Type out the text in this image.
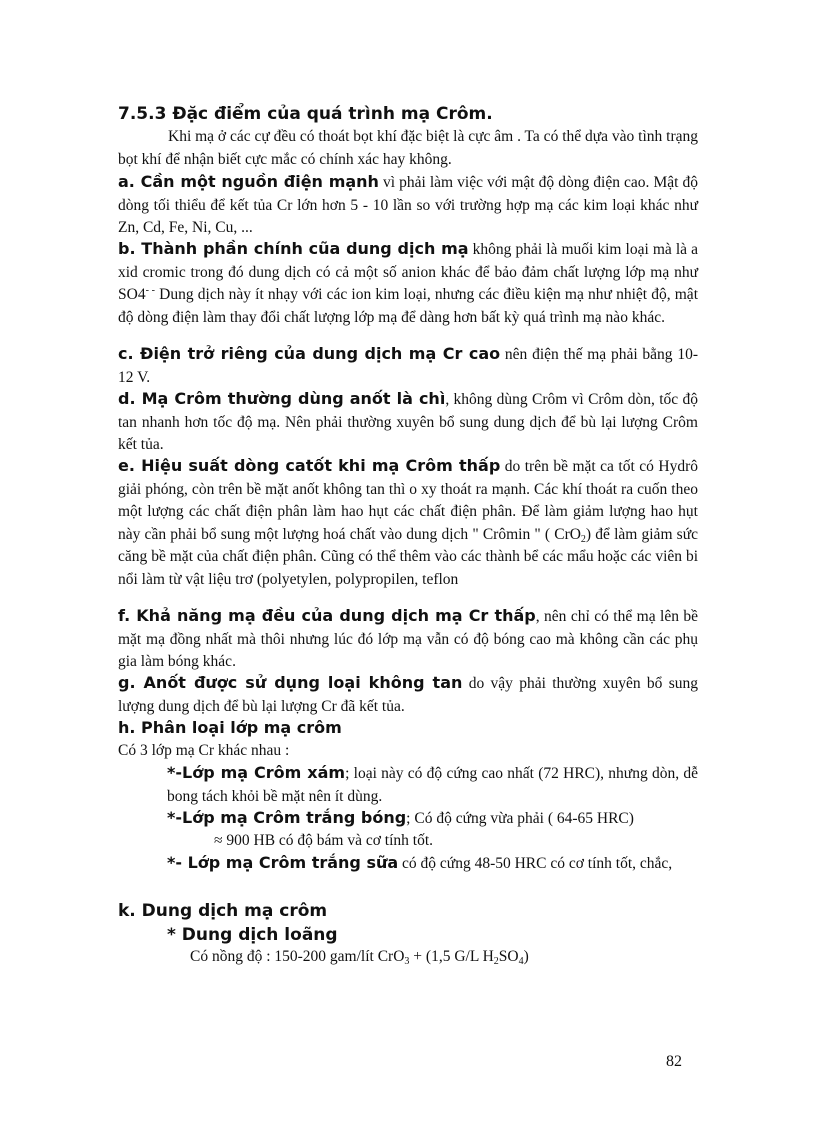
7.5.3 Đặc điểm của quá trình mạ Crôm.

Khi mạ ở các cự đều có thoát bọt khí đặc biệt là cực âm . Ta có thể dựa vào tình trạng bọt khí để nhận biết cực mắc có chính xác hay không.

a. Cần một nguồn điện mạnh vì phải làm việc với mật độ dòng điện cao. Mật độ dòng tối thiểu để kết tủa Cr lớn hơn 5 - 10 lần so với trường hợp mạ các kim loại khác như Zn, Cd, Fe, Ni, Cu, ...

b. Thành phần chính cũa dung dịch mạ không phải là muối kim loại mà là a xid cromic trong đó dung dịch có cả một số anion khác để bảo đảm chất lượng lớp mạ như SO4- - Dung dịch này ít nhạy với các ion kim loại, nhưng các điều kiện mạ như nhiệt độ, mật độ dòng điện làm thay đổi chất lượng lớp mạ để dàng hơn bất kỳ quá trình mạ nào khác.

c. Điện trở riêng của dung dịch mạ Cr cao nên điện thế mạ phải bằng 10-12 V.

d. Mạ Crôm thường dùng anốt là chì, không dùng Crôm vì Crôm dòn, tốc độ tan nhanh hơn tốc độ mạ. Nên phải thường xuyên bổ sung dung dịch để bù lại lượng Crôm kết tủa.

e. Hiệu suất dòng catốt khi mạ Crôm thấp do trên bề mặt ca tốt có Hydrô giải phóng, còn trên bề mặt anốt không tan thì o xy thoát ra mạnh. Các khí thoát ra cuốn theo một lượng các chất điện phân làm hao hụt các chất điện phân. Để làm giảm lượng hao hụt này cần phải bổ sung một lượng hoá chất vào dung dịch " Crômin " ( CrO$_2$) để làm giảm sức căng bề mặt của chất điện phân. Cũng có thể thêm vào các thành bể các mẩu hoặc các viên bi nổi làm từ vật liệu trơ (polyetylen, polypropilen, teflon

f. Khả năng mạ đều của dung dịch mạ Cr thấp, nên chỉ có thể mạ lên bề mặt mạ đồng nhất mà thôi nhưng lúc đó lớp mạ vẫn có độ bóng cao mà không cần các phụ gia làm bóng khác.

g. Anốt được sử dụng loại không tan do vậy phải thường xuyên bổ sung lượng dung dịch để bù lại lượng Cr đã kết tủa.

h. Phân loại lớp mạ crôm
Có 3 lớp mạ Cr khác nhau :

*-Lớp mạ Crôm xám; loại này có độ cứng cao nhất (72 HRC), nhưng dòn, dễ bong tách khỏi bề mặt nên ít dùng.

*-Lớp mạ Crôm trắng bóng; Có độ cứng vừa phải ( 64-65 HRC)

≈ 900 HB có độ bám và cơ tính tốt.

*- Lớp mạ Crôm trắng sữa có độ cứng 48-50 HRC có cơ tính tốt, chắc,

k. Dung dịch mạ crôm
* Dung dịch loãng
Có nồng độ : 150-200 gam/lít CrO$_3$ + (1,5 G/L $H_2SO_4$)
82
